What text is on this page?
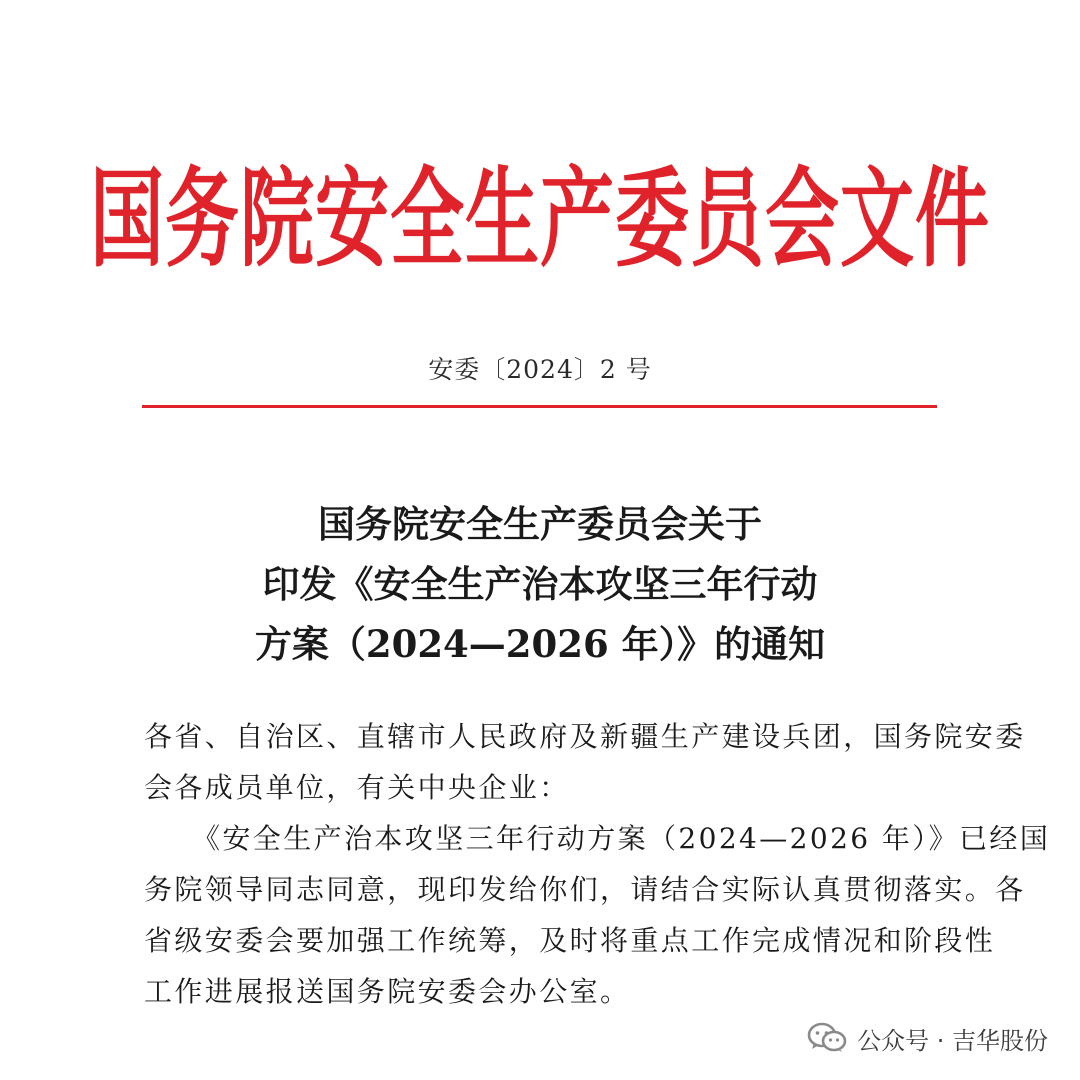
国务院安全生产委员会文件
安委〔2024〕2 号
国务院安全生产委员会关于
印发《安全生产治本攻坚三年行动
方案（2024—2026 年）》的通知
各省、自治区、直辖市人民政府及新疆生产建设兵团，国务院安委
会各成员单位，有关中央企业：
《安全生产治本攻坚三年行动方案（2024—2026 年）》已经国
务院领导同志同意，现印发给你们，请结合实际认真贯彻落实。各
省级安委会要加强工作统筹，及时将重点工作完成情况和阶段性
工作进展报送国务院安委会办公室。
公众号 · 吉华股份
